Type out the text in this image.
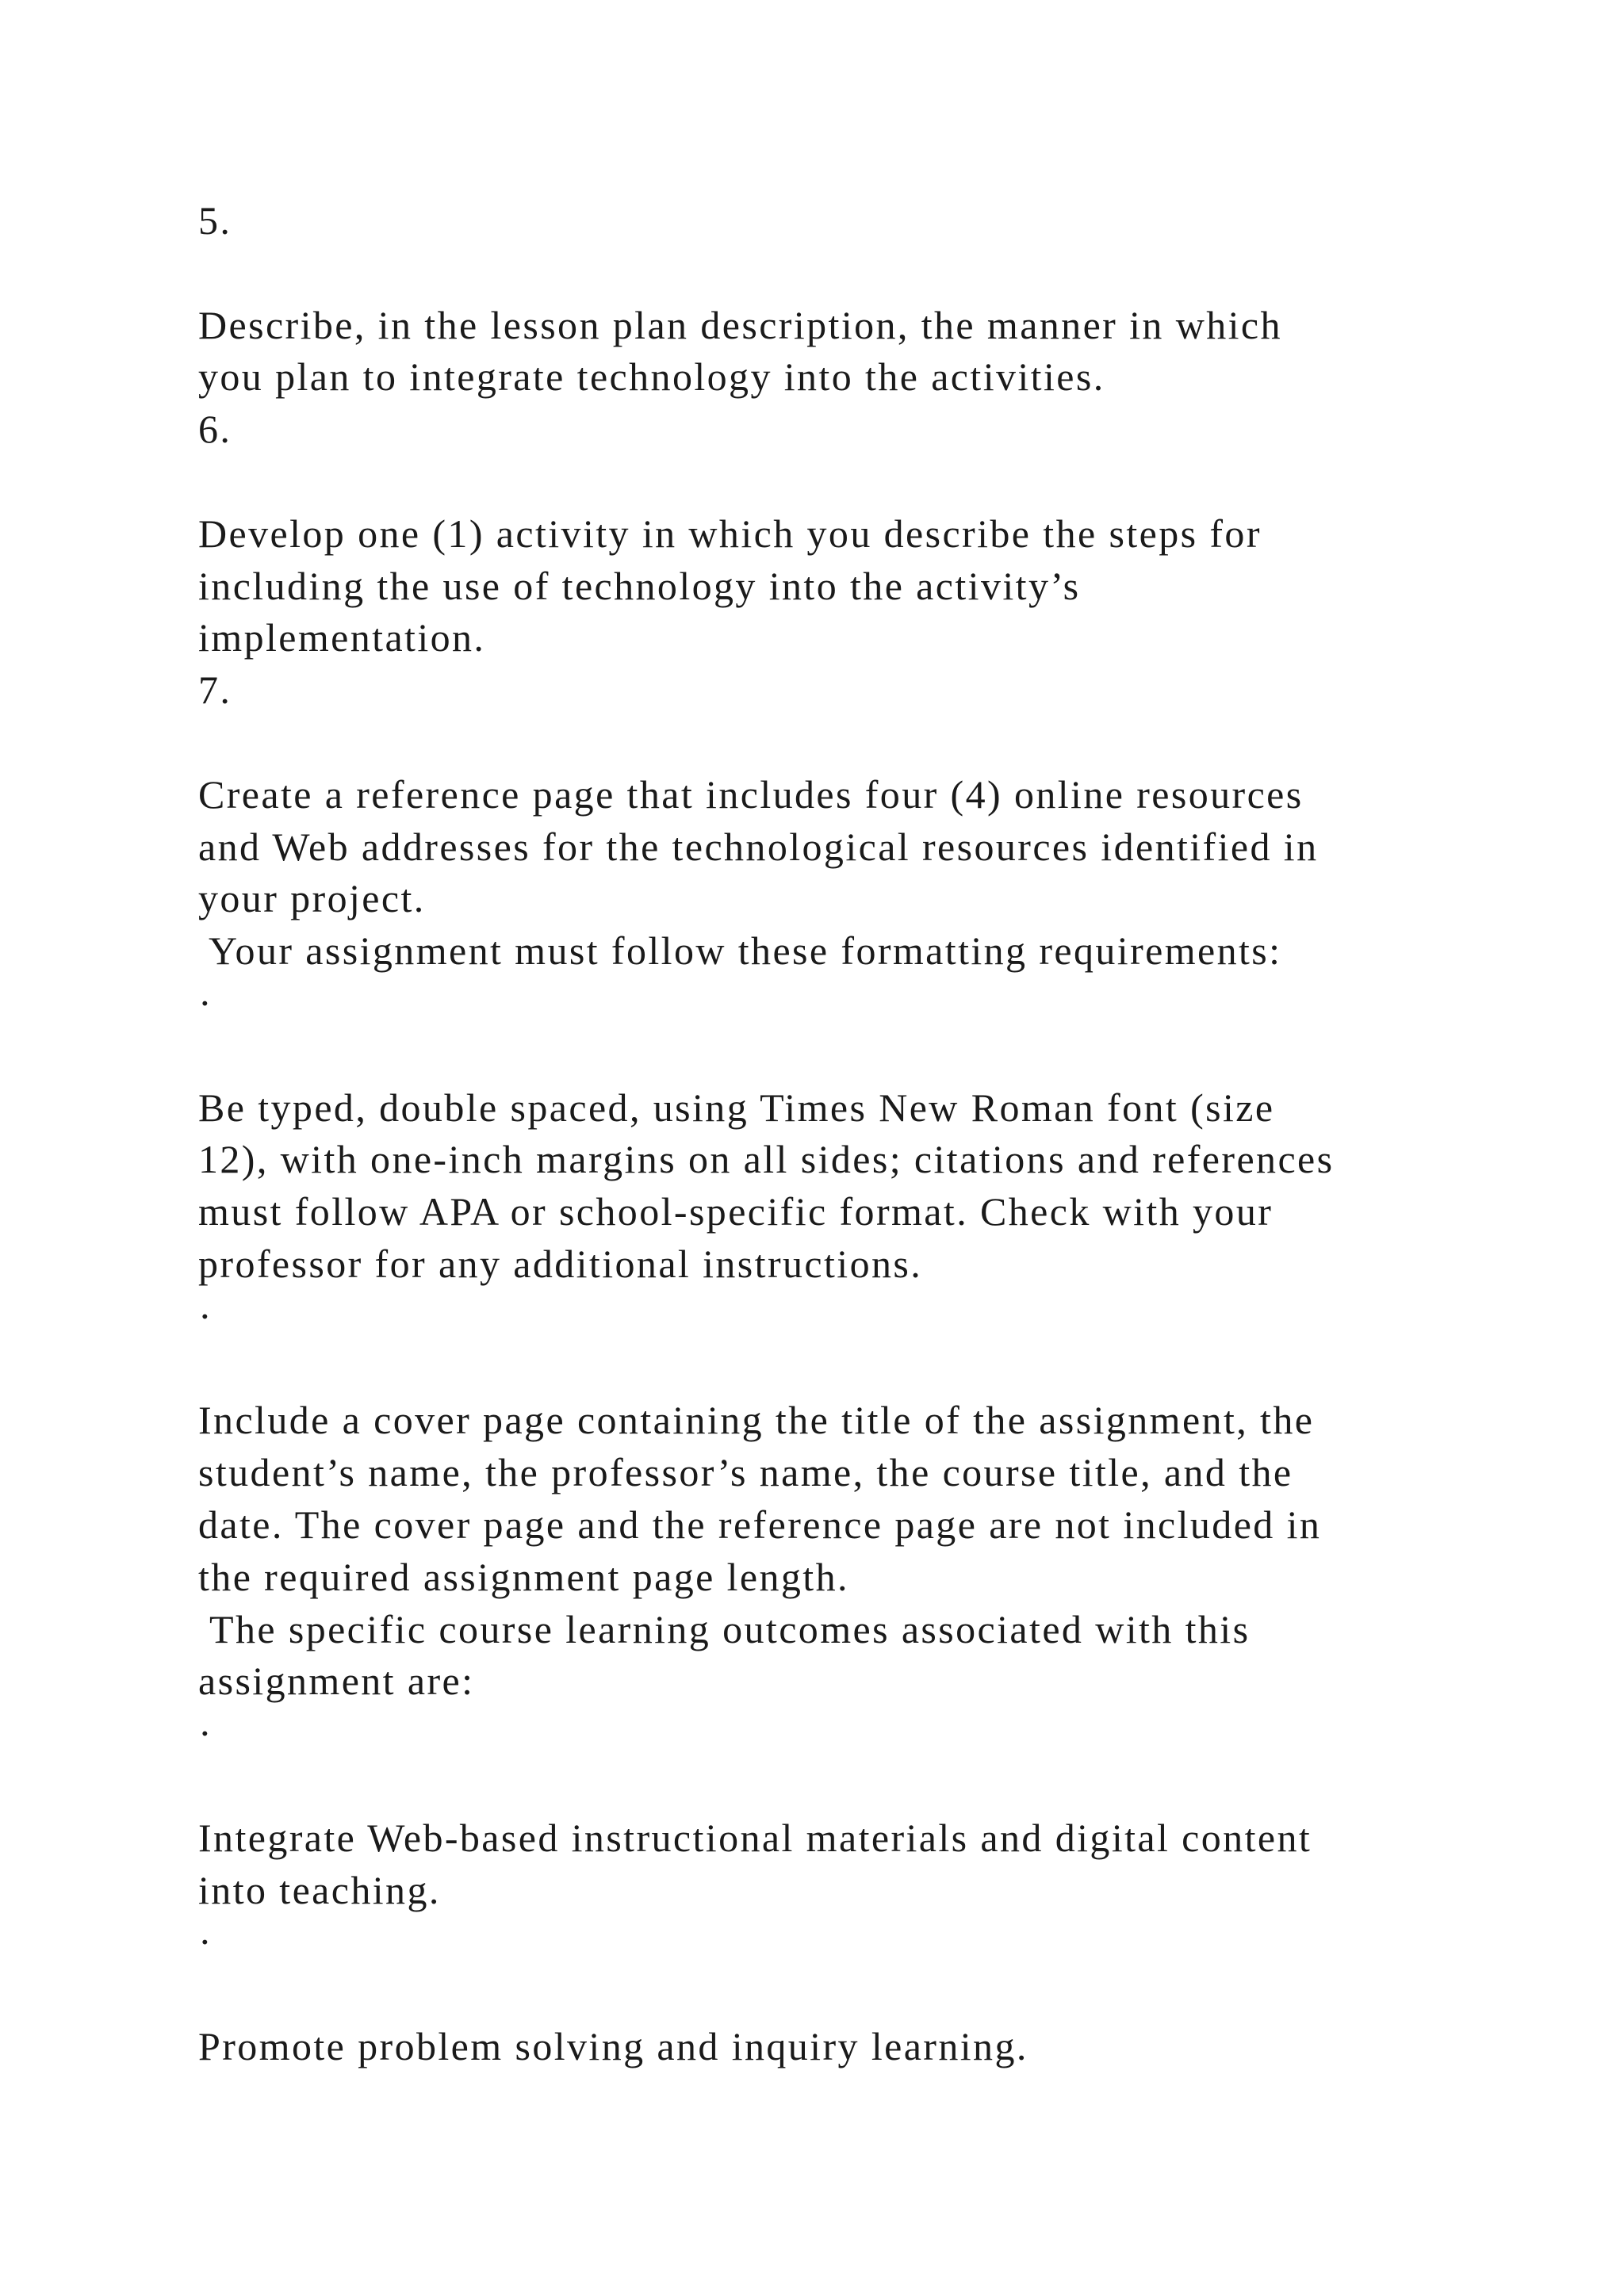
5.
Describe, in the lesson plan description, the manner in which
you plan to integrate technology into the activities.
6.
Develop one (1) activity in which you describe the steps for
including the use of technology into the activity’s
implementation.
7.
Create a reference page that includes four (4) online resources
and Web addresses for the technological resources identified in
your project.
Your assignment must follow these formatting requirements:
·
Be typed, double spaced, using Times New Roman font (size
12), with one-inch margins on all sides; citations and references
must follow APA or school-specific format. Check with your
professor for any additional instructions.
·
Include a cover page containing the title of the assignment, the
student’s name, the professor’s name, the course title, and the
date. The cover page and the reference page are not included in
the required assignment page length.
The specific course learning outcomes associated with this
assignment are:
·
Integrate Web-based instructional materials and digital content
into teaching.
·
Promote problem solving and inquiry learning.
